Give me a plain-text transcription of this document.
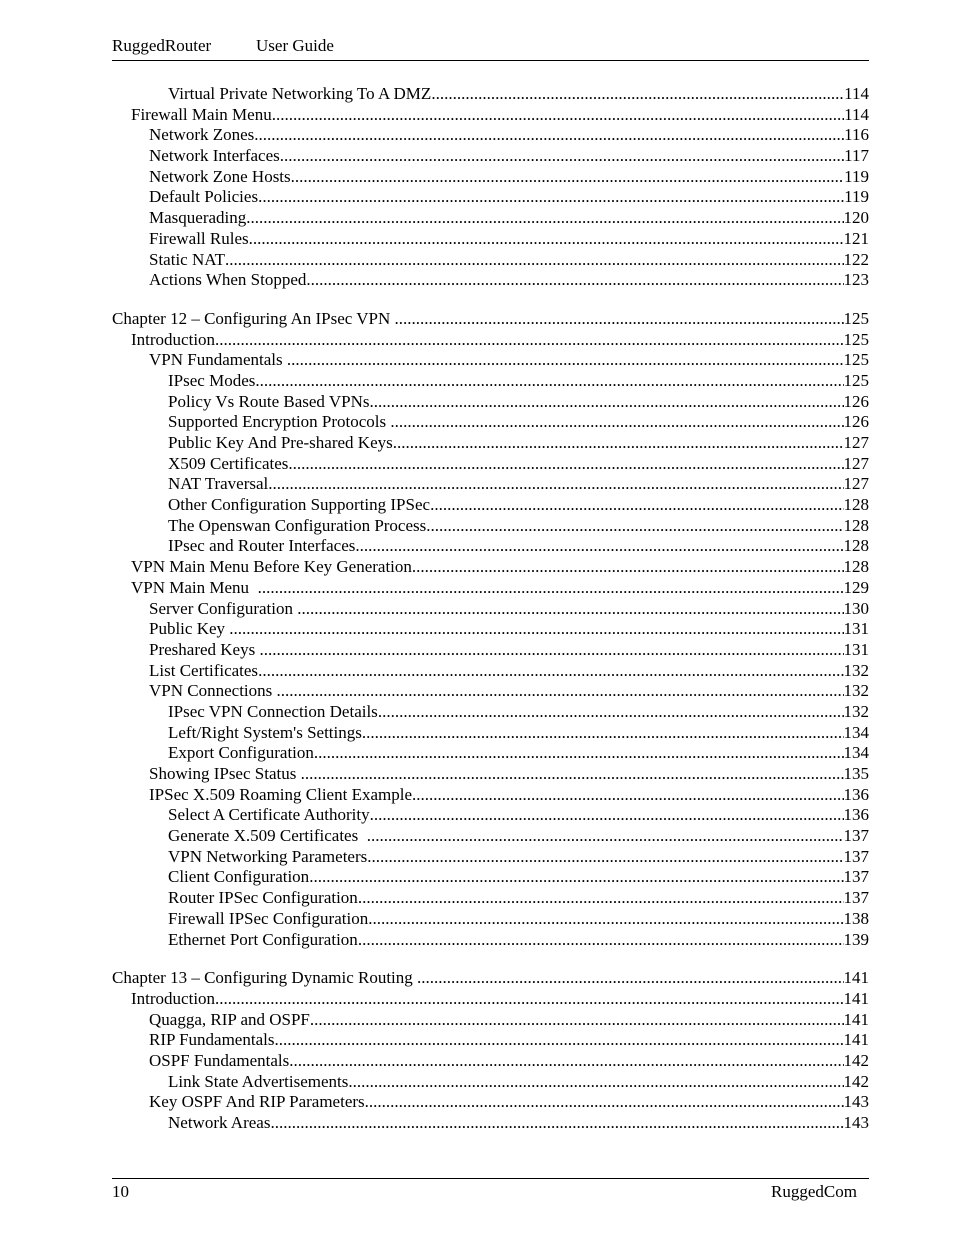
RuggedRouter	User Guide
Virtual Private Networking To A DMZ .....	114
Firewall Main Menu .....	114
Network Zones .....	116
Network Interfaces .....	117
Network Zone Hosts .....	119
Default Policies .....	119
Masquerading .....	120
Firewall Rules .....	121
Static NAT .....	122
Actions When Stopped .....	123
Chapter 12 – Configuring An IPsec VPN .....	125
Introduction .....	125
VPN Fundamentals .....	125
IPsec Modes .....	125
Policy Vs Route Based VPNs .....	126
Supported Encryption Protocols .....	126
Public Key And Pre-shared Keys .....	127
X509 Certificates .....	127
NAT Traversal .....	127
Other Configuration Supporting IPSec .....	128
The Openswan Configuration Process .....	128
IPsec and Router Interfaces .....	128
VPN Main Menu Before Key Generation .....	128
VPN Main Menu .....	129
Server Configuration .....	130
Public Key .....	131
Preshared Keys .....	131
List Certificates .....	132
VPN Connections .....	132
IPsec VPN Connection Details .....	132
Left/Right System's Settings .....	134
Export Configuration .....	134
Showing IPsec Status .....	135
IPSec X.509 Roaming Client Example .....	136
Select A Certificate Authority .....	136
Generate X.509 Certificates .....	137
VPN Networking Parameters .....	137
Client Configuration .....	137
Router IPSec Configuration .....	137
Firewall IPSec Configuration .....	138
Ethernet Port Configuration .....	139
Chapter 13 – Configuring Dynamic Routing .....	141
Introduction .....	141
Quagga, RIP and OSPF .....	141
RIP Fundamentals .....	141
OSPF Fundamentals .....	142
Link State Advertisements .....	142
Key OSPF And RIP Parameters .....	143
Network Areas .....	143
10	RuggedCom
